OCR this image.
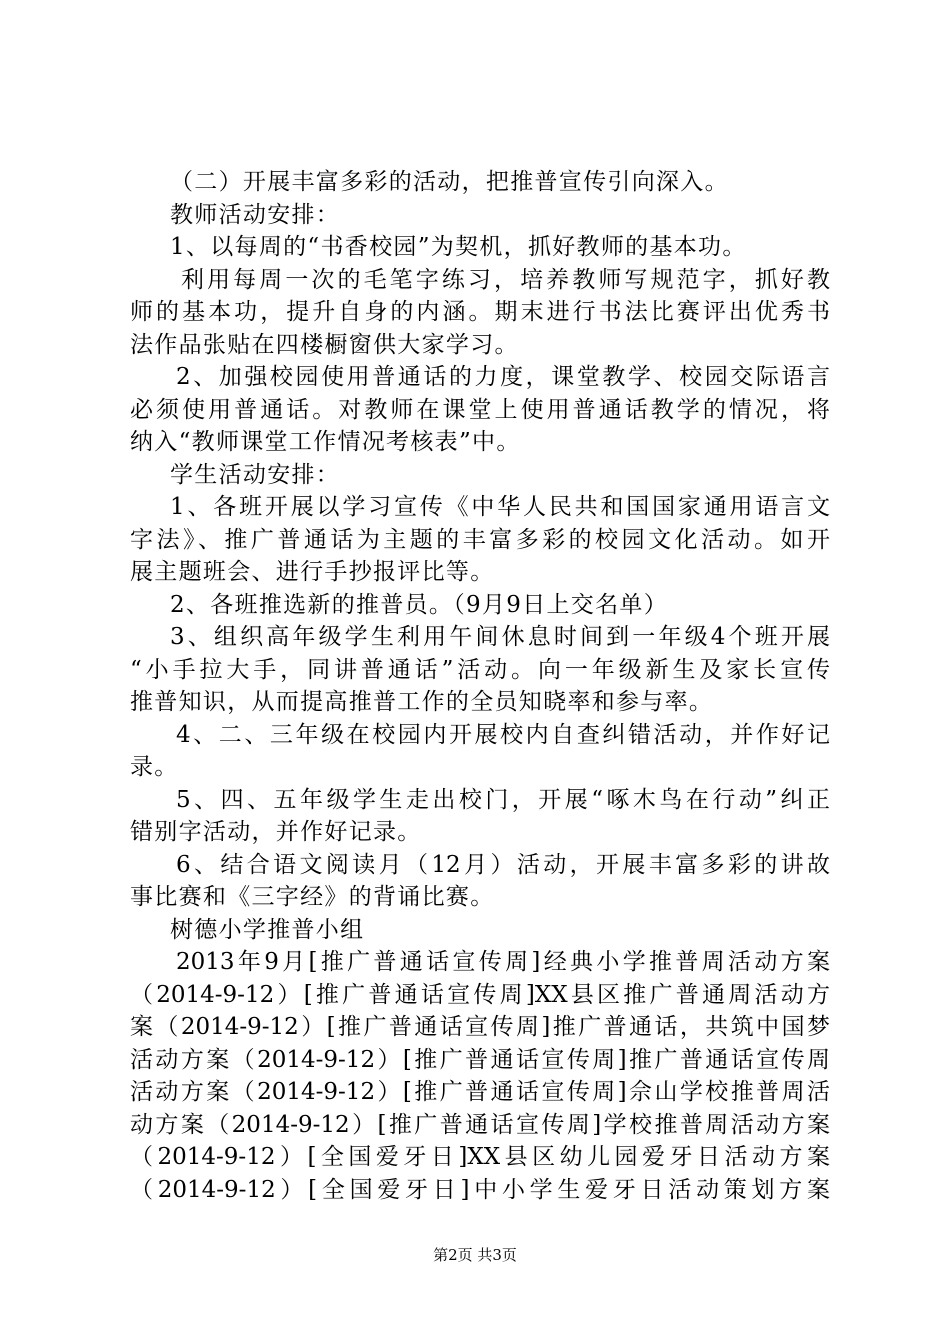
（二）开展丰富多彩的活动，把推普宣传引向深入。
教师活动安排：
1、以每周的“书香校园”为契机，抓好教师的基本功。
利用每周一次的毛笔字练习，培养教师写规范字，抓好教
师的基本功，提升自身的内涵。期末进行书法比赛评出优秀书
法作品张贴在四楼橱窗供大家学习。
2、加强校园使用普通话的力度，课堂教学、校园交际语言
必须使用普通话。对教师在课堂上使用普通话教学的情况，将
纳入“教师课堂工作情况考核表”中。
学生活动安排：
1、各班开展以学习宣传《中华人民共和国国家通用语言文
字法》、推广普通话为主题的丰富多彩的校园文化活动。如开
展主题班会、进行手抄报评比等。
2、各班推选新的推普员。（9月9日上交名单）
3、组织高年级学生利用午间休息时间到一年级4个班开展
“小手拉大手，同讲普通话”活动。向一年级新生及家长宣传
推普知识，从而提高推普工作的全员知晓率和参与率。
4、二、三年级在校园内开展校内自查纠错活动，并作好记
录。
5、四、五年级学生走出校门，开展“啄木鸟在行动”纠正
错别字活动，并作好记录。
6、结合语文阅读月（12月）活动，开展丰富多彩的讲故
事比赛和《三字经》的背诵比赛。
树德小学推普小组
2013年9月[推广普通话宣传周]经典小学推普周活动方案
（2014-9-12）[推广普通话宣传周]XX县区推广普通周活动方
案（2014-9-12）[推广普通话宣传周]推广普通话，共筑中国梦
活动方案（2014-9-12）[推广普通话宣传周]推广普通话宣传周
活动方案（2014-9-12）[推广普通话宣传周]佘山学校推普周活
动方案（2014-9-12）[推广普通话宣传周]学校推普周活动方案
（2014-9-12）[全国爱牙日]XX县区幼儿园爱牙日活动方案
（2014-9-12）[全国爱牙日]中小学生爱牙日活动策划方案
第2页 共3页
